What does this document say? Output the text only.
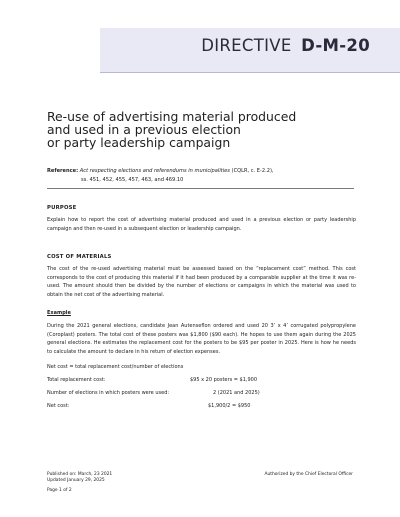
DIRECTIVE D-M-20
Re-use of advertising material produced
and used in a previous election
or party leadership campaign
Reference: Act respecting elections and referendums in municipalities (CQLR, c. E-2.2),
ss. 451, 452, 455, 457, 463, and 469.10
PURPOSE
Explain how to report the cost of advertising material produced and used in a previous election or party leadership campaign and then re-used in a subsequent election or leadership campaign.
COST OF MATERIALS
The cost of the re-used advertising material must be assessed based on the “replacement cost” method. This cost corresponds to the cost of producing this material if it had been produced by a comparable supplier at the time it was re-used. The amount should then be divided by the number of elections or campaigns in which the material was used to obtain the net cost of the advertising material.
Example
During the 2021 general elections, candidate Jean Autenseflon ordered and used 20 3’ x 4’ corrugated polypropylene (Coroplast) posters. The total cost of these posters was $1,800 ($90 each). He hopes to use them again during the 2025 general elections. He estimates the replacement cost for the posters to be $95 per poster in 2025. Here is how he needs to calculate the amount to declare in his return of election expenses.
Net cost = total replacement cost/number of elections
Total replacement cost:	$95 x 20 posters = $1,900
Number of elections in which posters were used:	2 (2021 and 2025)
Net cost:	$1,900/2 = $950
Published on: March, 23 2021
Updated January 29, 2025
Authorized by the Chief Electoral Officer
Page 1 of 2
